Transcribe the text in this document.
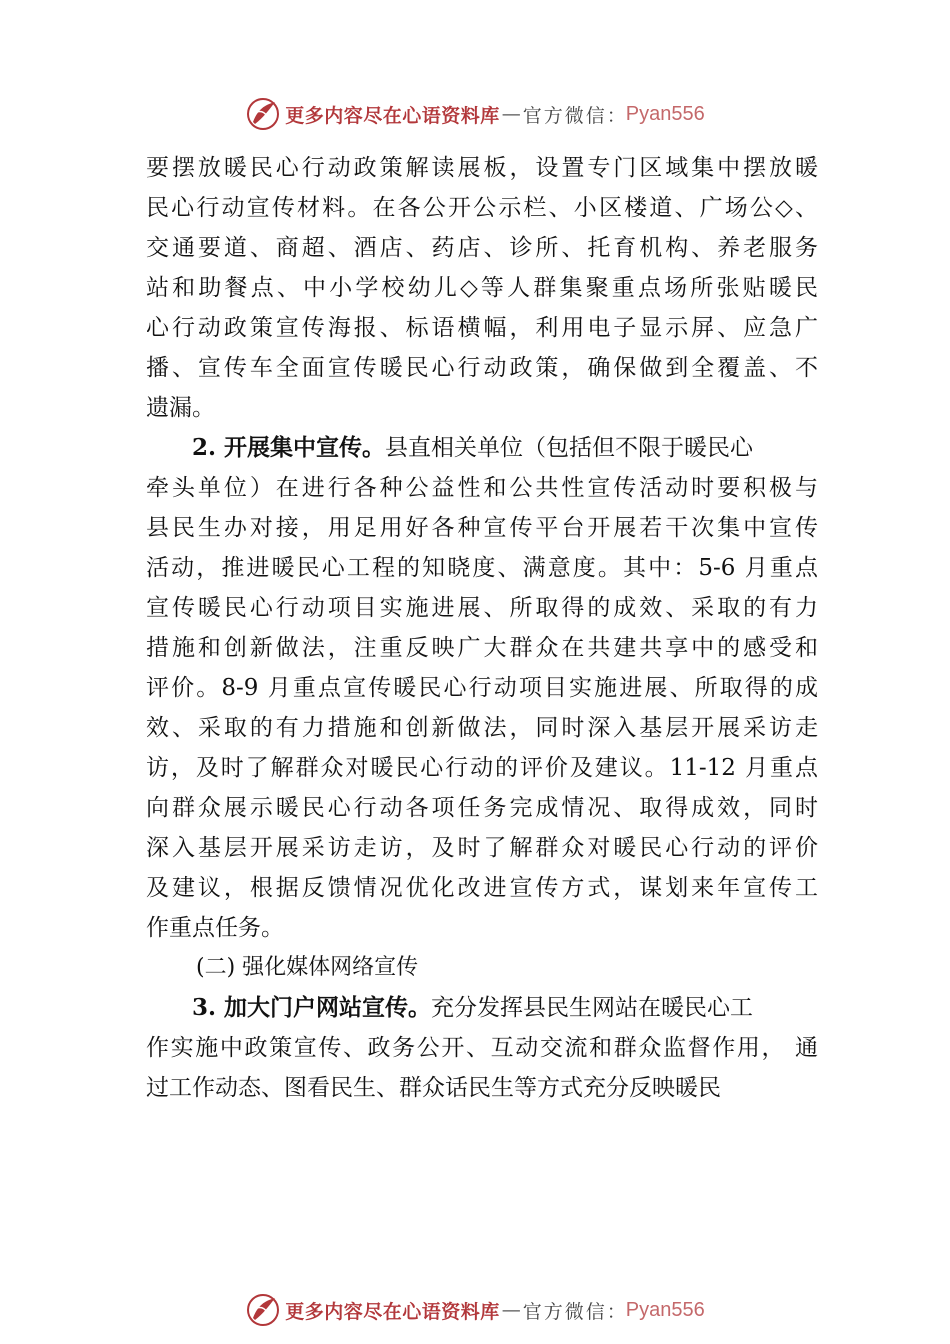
更多内容尽在心语资料库 — 官方微信 ： Pyan556
要摆放暖民心行动政策解读展板，设置专门区域集中摆放暖
民心行动宣传材料。在各公开公示栏、小区楼道、广场公◇、
交通要道、商超、酒店、药店、诊所、托育机构、养老服务
站和助餐点、中小学校幼儿◇等人群集聚重点场所张贴暖民
心行动政策宣传海报、标语横幅，利用电子显示屏、应急广
播、宣传车全面宣传暖民心行动政策，确保做到全覆盖、不
遗漏。
2. 开展集中宣传。县直相关单位（包括但不限于暖民心
牵头单位）在进行各种公益性和公共性宣传活动时要积极与
县民生办对接，用足用好各种宣传平台开展若干次集中宣传
活动，推进暖民心工程的知晓度、满意度。其中：5-6 月重点
宣传暖民心行动项目实施进展、所取得的成效、采取的有力
措施和创新做法，注重反映广大群众在共建共享中的感受和
评价。8-9 月重点宣传暖民心行动项目实施进展、所取得的成
效、采取的有力措施和创新做法，同时深入基层开展采访走
访，及时了解群众对暖民心行动的评价及建议。11-12 月重点
向群众展示暖民心行动各项任务完成情况、取得成效，同时
深入基层开展采访走访，及时了解群众对暖民心行动的评价
及建议，根据反馈情况优化改进宣传方式，谋划来年宣传工
作重点任务。
(二) 强化媒体网络宣传
3. 加大门户网站宣传。充分发挥县民生网站在暖民心工
作实施中政策宣传、政务公开、互动交流和群众监督作用， 通
过工作动态、图看民生、群众话民生等方式充分反映暖民
更多内容尽在心语资料库 — 官方微信 ： Pyan556
